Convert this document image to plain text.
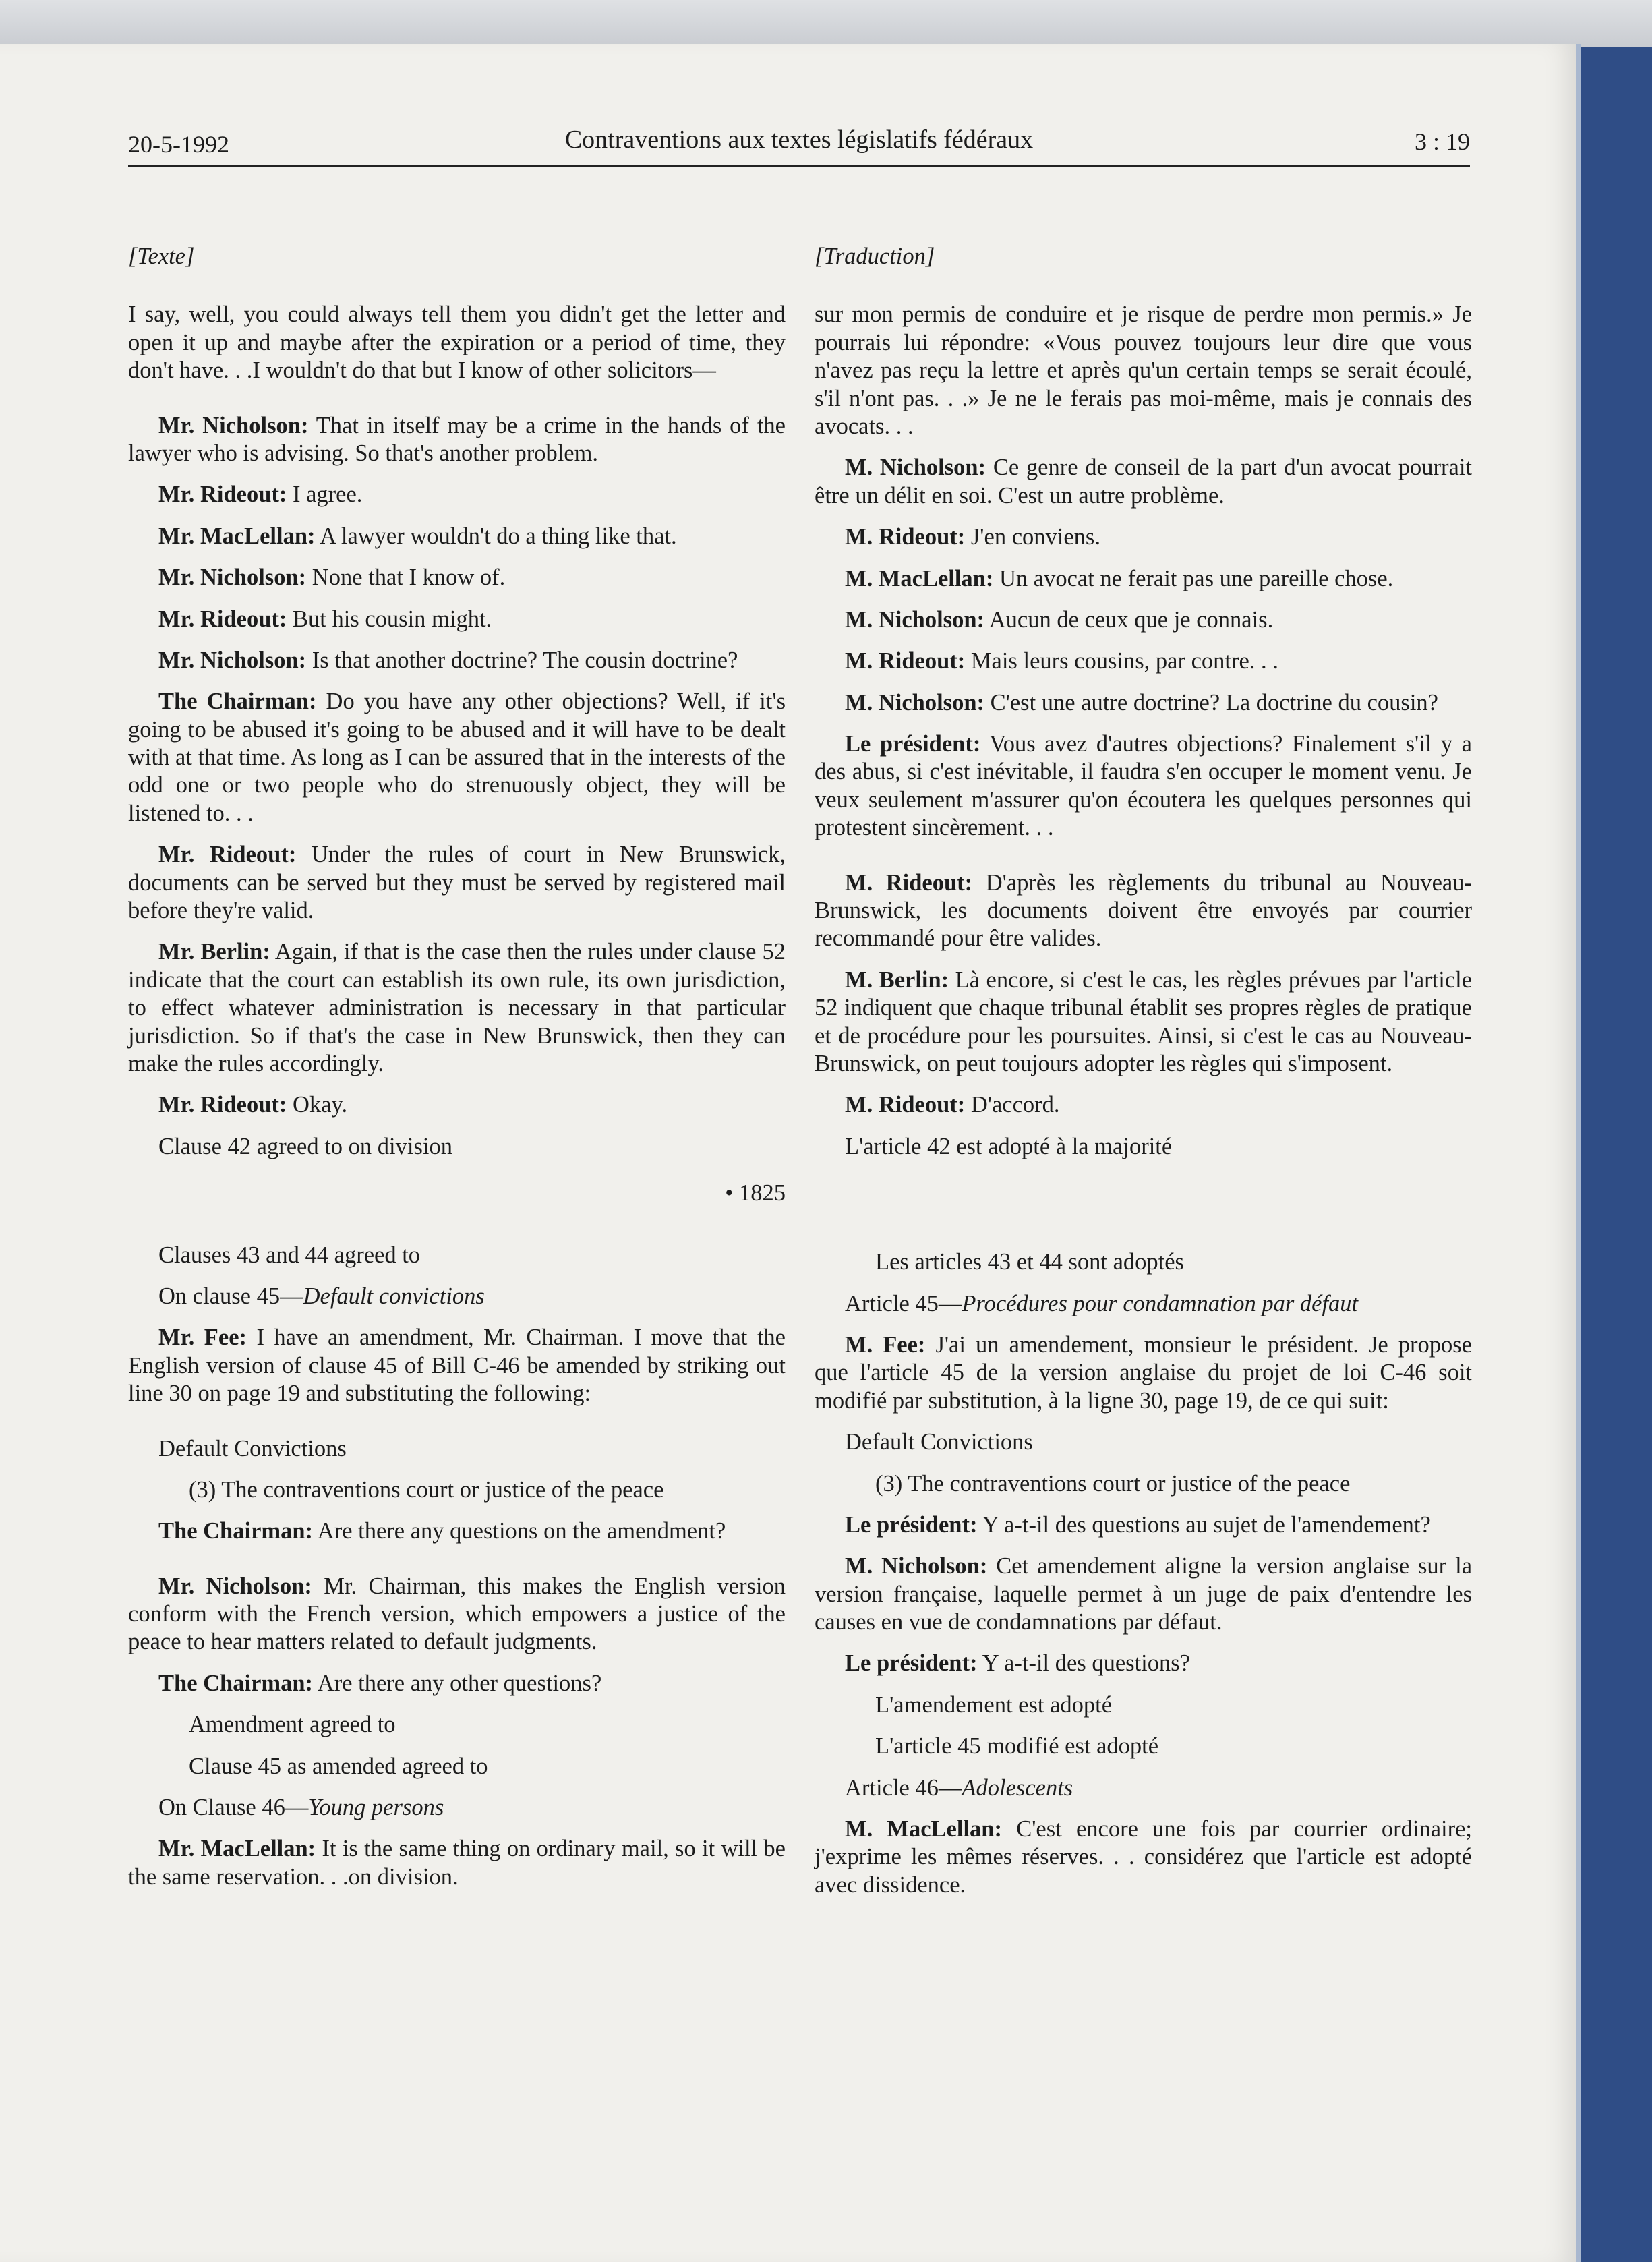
20-5-1992	Contraventions aux textes législatifs fédéraux	3 : 19

[Texte]

I say, well, you could always tell them you didn't get the letter and open it up and maybe after the expiration or a period of time, they don't have. . .I wouldn't do that but I know of other solicitors—

Mr. Nicholson: That in itself may be a crime in the hands of the lawyer who is advising. So that's another problem.

Mr. Rideout: I agree.

Mr. MacLellan: A lawyer wouldn't do a thing like that.

Mr. Nicholson: None that I know of.

Mr. Rideout: But his cousin might.

Mr. Nicholson: Is that another doctrine? The cousin doctrine?

The Chairman: Do you have any other objections? Well, if it's going to be abused it's going to be abused and it will have to be dealt with at that time. As long as I can be assured that in the interests of the odd one or two people who do strenuously object, they will be listened to. . .

Mr. Rideout: Under the rules of court in New Brunswick, documents can be served but they must be served by registered mail before they're valid.

Mr. Berlin: Again, if that is the case then the rules under clause 52 indicate that the court can establish its own rule, its own jurisdiction, to effect whatever administration is necessary in that particular jurisdiction. So if that's the case in New Brunswick, then they can make the rules accordingly.

Mr. Rideout: Okay.

Clause 42 agreed to on division

• 1825

Clauses 43 and 44 agreed to

On clause 45—Default convictions

Mr. Fee: I have an amendment, Mr. Chairman. I move that the English version of clause 45 of Bill C-46 be amended by striking out line 30 on page 19 and substituting the following:

Default Convictions

(3) The contraventions court or justice of the peace

The Chairman: Are there any questions on the amendment?

Mr. Nicholson: Mr. Chairman, this makes the English version conform with the French version, which empowers a justice of the peace to hear matters related to default judgments.

The Chairman: Are there any other questions?

Amendment agreed to

Clause 45 as amended agreed to

On Clause 46—Young persons

Mr. MacLellan: It is the same thing on ordinary mail, so it will be the same reservation. . .on division.

[Traduction]

sur mon permis de conduire et je risque de perdre mon permis.» Je pourrais lui répondre: «Vous pouvez toujours leur dire que vous n'avez pas reçu la lettre et après qu'un certain temps se serait écoulé, s'il n'ont pas. . .» Je ne le ferais pas moi-même, mais je connais des avocats. . .

M. Nicholson: Ce genre de conseil de la part d'un avocat pourrait être un délit en soi. C'est un autre problème.

M. Rideout: J'en conviens.

M. MacLellan: Un avocat ne ferait pas une pareille chose.

M. Nicholson: Aucun de ceux que je connais.

M. Rideout: Mais leurs cousins, par contre. . .

M. Nicholson: C'est une autre doctrine? La doctrine du cousin?

Le président: Vous avez d'autres objections? Finalement s'il y a des abus, si c'est inévitable, il faudra s'en occuper le moment venu. Je veux seulement m'assurer qu'on écoutera les quelques personnes qui protestent sincèrement. . .

M. Rideout: D'après les règlements du tribunal au Nouveau-Brunswick, les documents doivent être envoyés par courrier recommandé pour être valides.

M. Berlin: Là encore, si c'est le cas, les règles prévues par l'article 52 indiquent que chaque tribunal établit ses propres règles de pratique et de procédure pour les poursuites. Ainsi, si c'est le cas au Nouveau-Brunswick, on peut toujours adopter les règles qui s'imposent.

M. Rideout: D'accord.

L'article 42 est adopté à la majorité

Les articles 43 et 44 sont adoptés

Article 45—Procédures pour condamnation par défaut

M. Fee: J'ai un amendement, monsieur le président. Je propose que l'article 45 de la version anglaise du projet de loi C-46 soit modifié par substitution, à la ligne 30, page 19, de ce qui suit:

Default Convictions

(3) The contraventions court or justice of the peace

Le président: Y a-t-il des questions au sujet de l'amendement?

M. Nicholson: Cet amendement aligne la version anglaise sur la version française, laquelle permet à un juge de paix d'entendre les causes en vue de condamnations par défaut.

Le président: Y a-t-il des questions?

L'amendement est adopté

L'article 45 modifié est adopté

Article 46—Adolescents

M. MacLellan: C'est encore une fois par courrier ordinaire; j'exprime les mêmes réserves. . . considérez que l'article est adopté avec dissidence.
